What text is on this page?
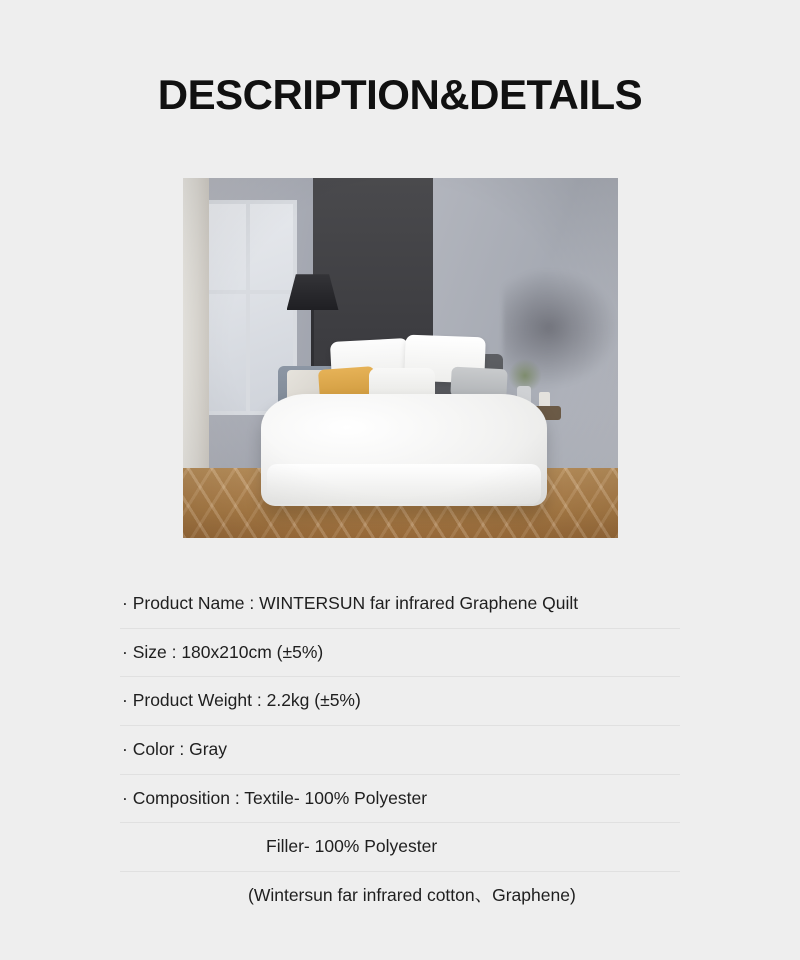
DESCRIPTION&DETAILS
· Product Name : WINTERSUN far infrared Graphene Quilt
· Size : 180x210cm (±5%)
· Product Weight : 2.2kg (±5%)
· Color : Gray
· Composition : Textile- 100% Polyester
Filler- 100% Polyester
(Wintersun far infrared cotton、Graphene)
